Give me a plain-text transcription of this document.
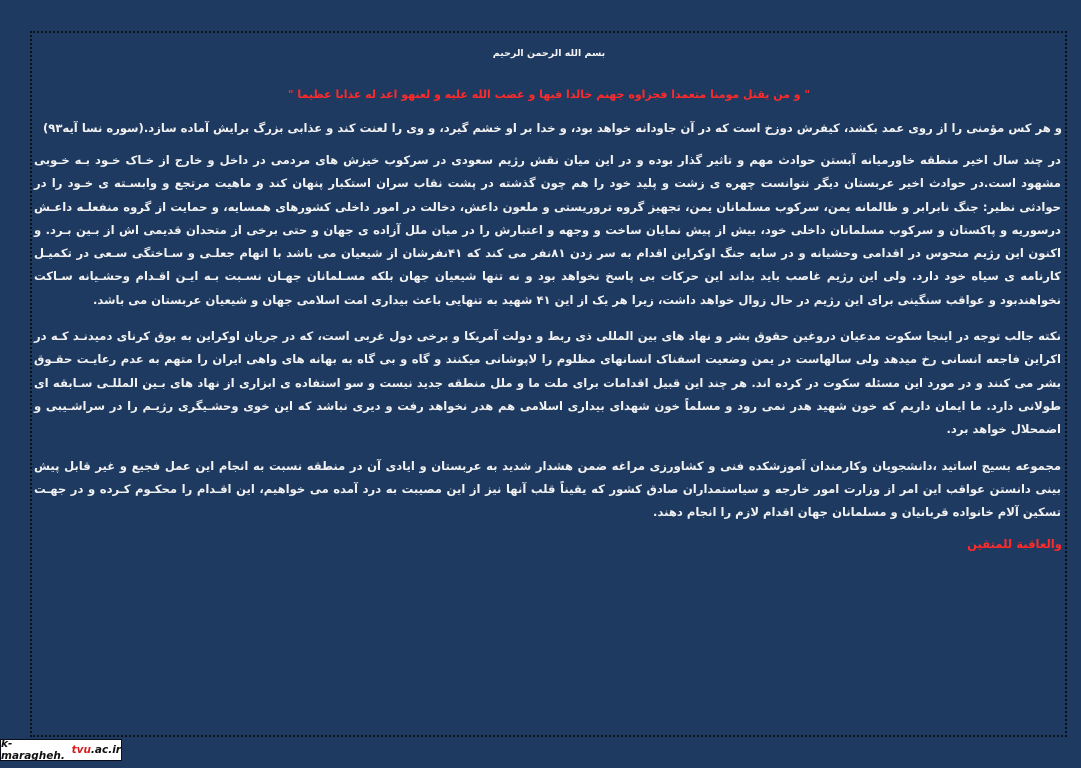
بسم الله الرحمن الرحیم

" و من یقتل مومنا متعمدا فجزاوه جهنم خالدا فیها و غضب الله علیه و لعنهو اعد له عذابا عظیما "

و هر کس مؤمنی را از روی عمد بکشد، کیفرش دوزخ است که در آن جاودانه خواهد بود، و خدا بر او خشم گیرد، و وی را لعنت کند و عذابی بزرگ برایش آماده سازد.(سوره نسا آیه۹۳)

در چند سال اخیر منطقه خاورمیانه آبستن حوادث مهم و تاثیر گذار بوده و در این میان نقش رژیم سعودی در سرکوب خیزش های مردمی در داخل و خارج از خـاک خـود بـه خـوبی مشهود است.در حوادث اخیر عربستان دیگر نتوانست چهره ی زشت و پلید خود را هم چون گذشته در پشت نقاب سران استکبار پنهان کند و ماهیت مرتجع و وابسـته ی خـود را در حوادثی نظیر: جنگ نابرابر و ظالمانه یمن، سرکوب مسلمانان یمن، تجهیز گروه تروریستی و ملعون داعش، دخالت در امور داخلی کشورهای همسایه، و حمایت از گروه منفعلـه داعـش درسوریه و پاکستان و سرکوب مسلمانان داخلی خود، بیش از پیش نمایان ساخت و وجهه و اعتبارش را در میان ملل آزاده ی جهان و حتی برخی از متحدان قدیمی اش از بـین بـرد. و اکنون این رژیم منحوس در اقدامی وحشیانه و در سایه جنگ اوکراین اقدام به سر زدن ۸۱نفر می کند که ۴۱نفرشان از شیعیان می باشد با اتهام جعلـی و سـاختگی سـعی در تکمیـل کارنامه ی سیاه خود دارد. ولی این رژیم غاصب باید بداند این حرکات بی پاسخ نخواهد بود و نه تنها شیعیان جهان بلکه مسـلمانان جهـان نسـبت بـه ایـن اقـدام وحشـیانه سـاکت نخواهندبود و عواقب سنگینی برای این رژیم در حال زوال خواهد داشت، زیرا هر یک از این ۴۱ شهید به تنهایی باعث بیداری امت اسلامی جهان و شیعیان عربستان می باشد.

نکته جالب توجه در اینجا سکوت مدعیان دروغین حقوق بشر و نهاد های بین المللی ذی ربط و دولت آمریکا و برخی دول غربی است، که در جریان اوکراین به بوق کرنای دمیدنـد کـه در اکراین فاجعه انسانی رخ میدهد ولی سالهاست در یمن وضعیت اسفناک انسانهای مظلوم را لاپوشانی میکنند و گاه و بی گاه به بهانه های واهی ایران را متهم به عدم رعایـت حقـوق بشر می کنند و در مورد این مسئله سکوت در کرده اند. هر چند این قبیل اقدامات برای ملت ما و ملل منطقه جدید نیست و سو استفاده ی ابزاری از نهاد های بـین المللـی سـابقه ای طولانی دارد. ما ایمان داریم که خون شهید هدر نمی رود و مسلماً خون شهدای بیداری اسلامی هم هدر نخواهد رفت و دیری نباشد که این خوی وحشـیگری رژیـم را در سراشـیبی و اضمحلال خواهد برد.

مجموعه بسیج اساتید ،دانشجویان وکارمندان آموزشکده فنی و کشاورزی مراغه ضمن هشدار شدید به عربستان و ایادی آن در منطقه نسبت به انجام این عمل فجیع و غیر قابل پیش بینی دانستن عواقب این امر از وزارت امور خارجه و سیاستمداران صادق کشور که یقیناً قلب آنها نیز از این مصیبت به درد آمده می خواهیم، این اقـدام را محکـوم کـرده و در جهـت تسکین آلام خانواده قربانیان و مسلمانان جهان اقدام لازم را انجام دهند.

والعاقبة للمتقین

k-maragheh. tvu .ac.ir
